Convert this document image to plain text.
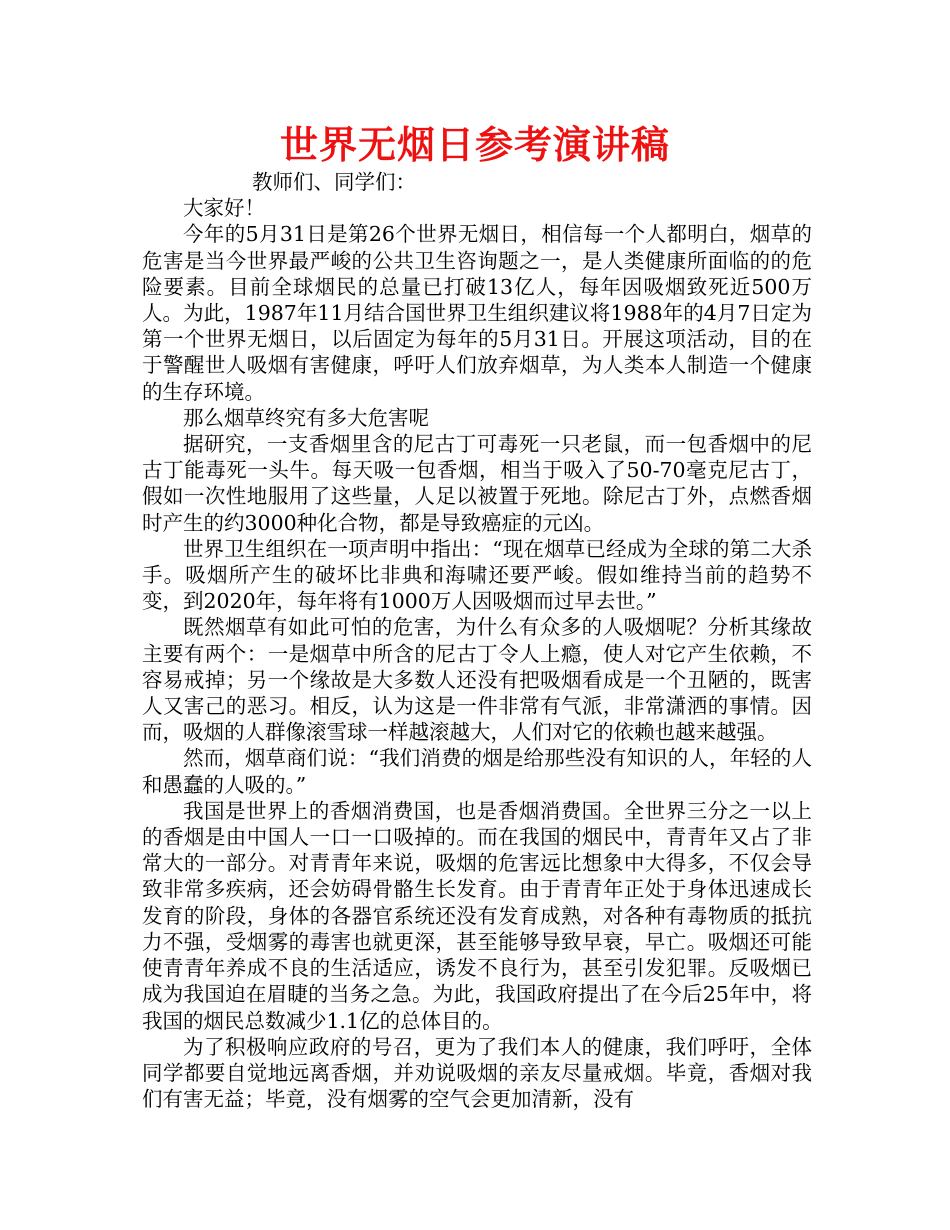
世界无烟日参考演讲稿

教师们、同学们：

大家好！

今年的5月31日是第26个世界无烟日，相信每一个人都明白，烟草的危害是当今世界最严峻的公共卫生咨询题之一，是人类健康所面临的的危险要素。目前全球烟民的总量已打破13亿人，每年因吸烟致死近500万人。为此，1987年11月结合国世界卫生组织建议将1988年的4月7日定为第一个世界无烟日，以后固定为每年的5月31日。开展这项活动，目的在于警醒世人吸烟有害健康，呼吁人们放弃烟草，为人类本人制造一个健康的生存环境。

那么烟草终究有多大危害呢

据研究，一支香烟里含的尼古丁可毒死一只老鼠，而一包香烟中的尼古丁能毒死一头牛。每天吸一包香烟，相当于吸入了50-70毫克尼古丁，假如一次性地服用了这些量，人足以被置于死地。除尼古丁外，点燃香烟时产生的约3000种化合物，都是导致癌症的元凶。

世界卫生组织在一项声明中指出：“现在烟草已经成为全球的第二大杀手。吸烟所产生的破坏比非典和海啸还要严峻。假如维持当前的趋势不变，到2020年，每年将有1000万人因吸烟而过早去世。”

既然烟草有如此可怕的危害，为什么有众多的人吸烟呢？分析其缘故主要有两个：一是烟草中所含的尼古丁令人上瘾，使人对它产生依赖，不容易戒掉；另一个缘故是大多数人还没有把吸烟看成是一个丑陋的，既害人又害己的恶习。相反，认为这是一件非常有气派，非常潇洒的事情。因而，吸烟的人群像滚雪球一样越滚越大，人们对它的依赖也越来越强。

然而，烟草商们说：“我们消费的烟是给那些没有知识的人，年轻的人和愚蠢的人吸的。”

我国是世界上的香烟消费国，也是香烟消费国。全世界三分之一以上的香烟是由中国人一口一口吸掉的。而在我国的烟民中，青青年又占了非常大的一部分。对青青年来说，吸烟的危害远比想象中大得多，不仅会导致非常多疾病，还会妨碍骨骼生长发育。由于青青年正处于身体迅速成长发育的阶段，身体的各器官系统还没有发育成熟，对各种有毒物质的抵抗力不强，受烟雾的毒害也就更深，甚至能够导致早衰，早亡。吸烟还可能使青青年养成不良的生活适应，诱发不良行为，甚至引发犯罪。反吸烟已成为我国迫在眉睫的当务之急。为此，我国政府提出了在今后25年中，将我国的烟民总数减少1.1亿的总体目的。

为了积极响应政府的号召，更为了我们本人的健康，我们呼吁，全体同学都要自觉地远离香烟，并劝说吸烟的亲友尽量戒烟。毕竟，香烟对我们有害无益；毕竟，没有烟雾的空气会更加清新，没有
